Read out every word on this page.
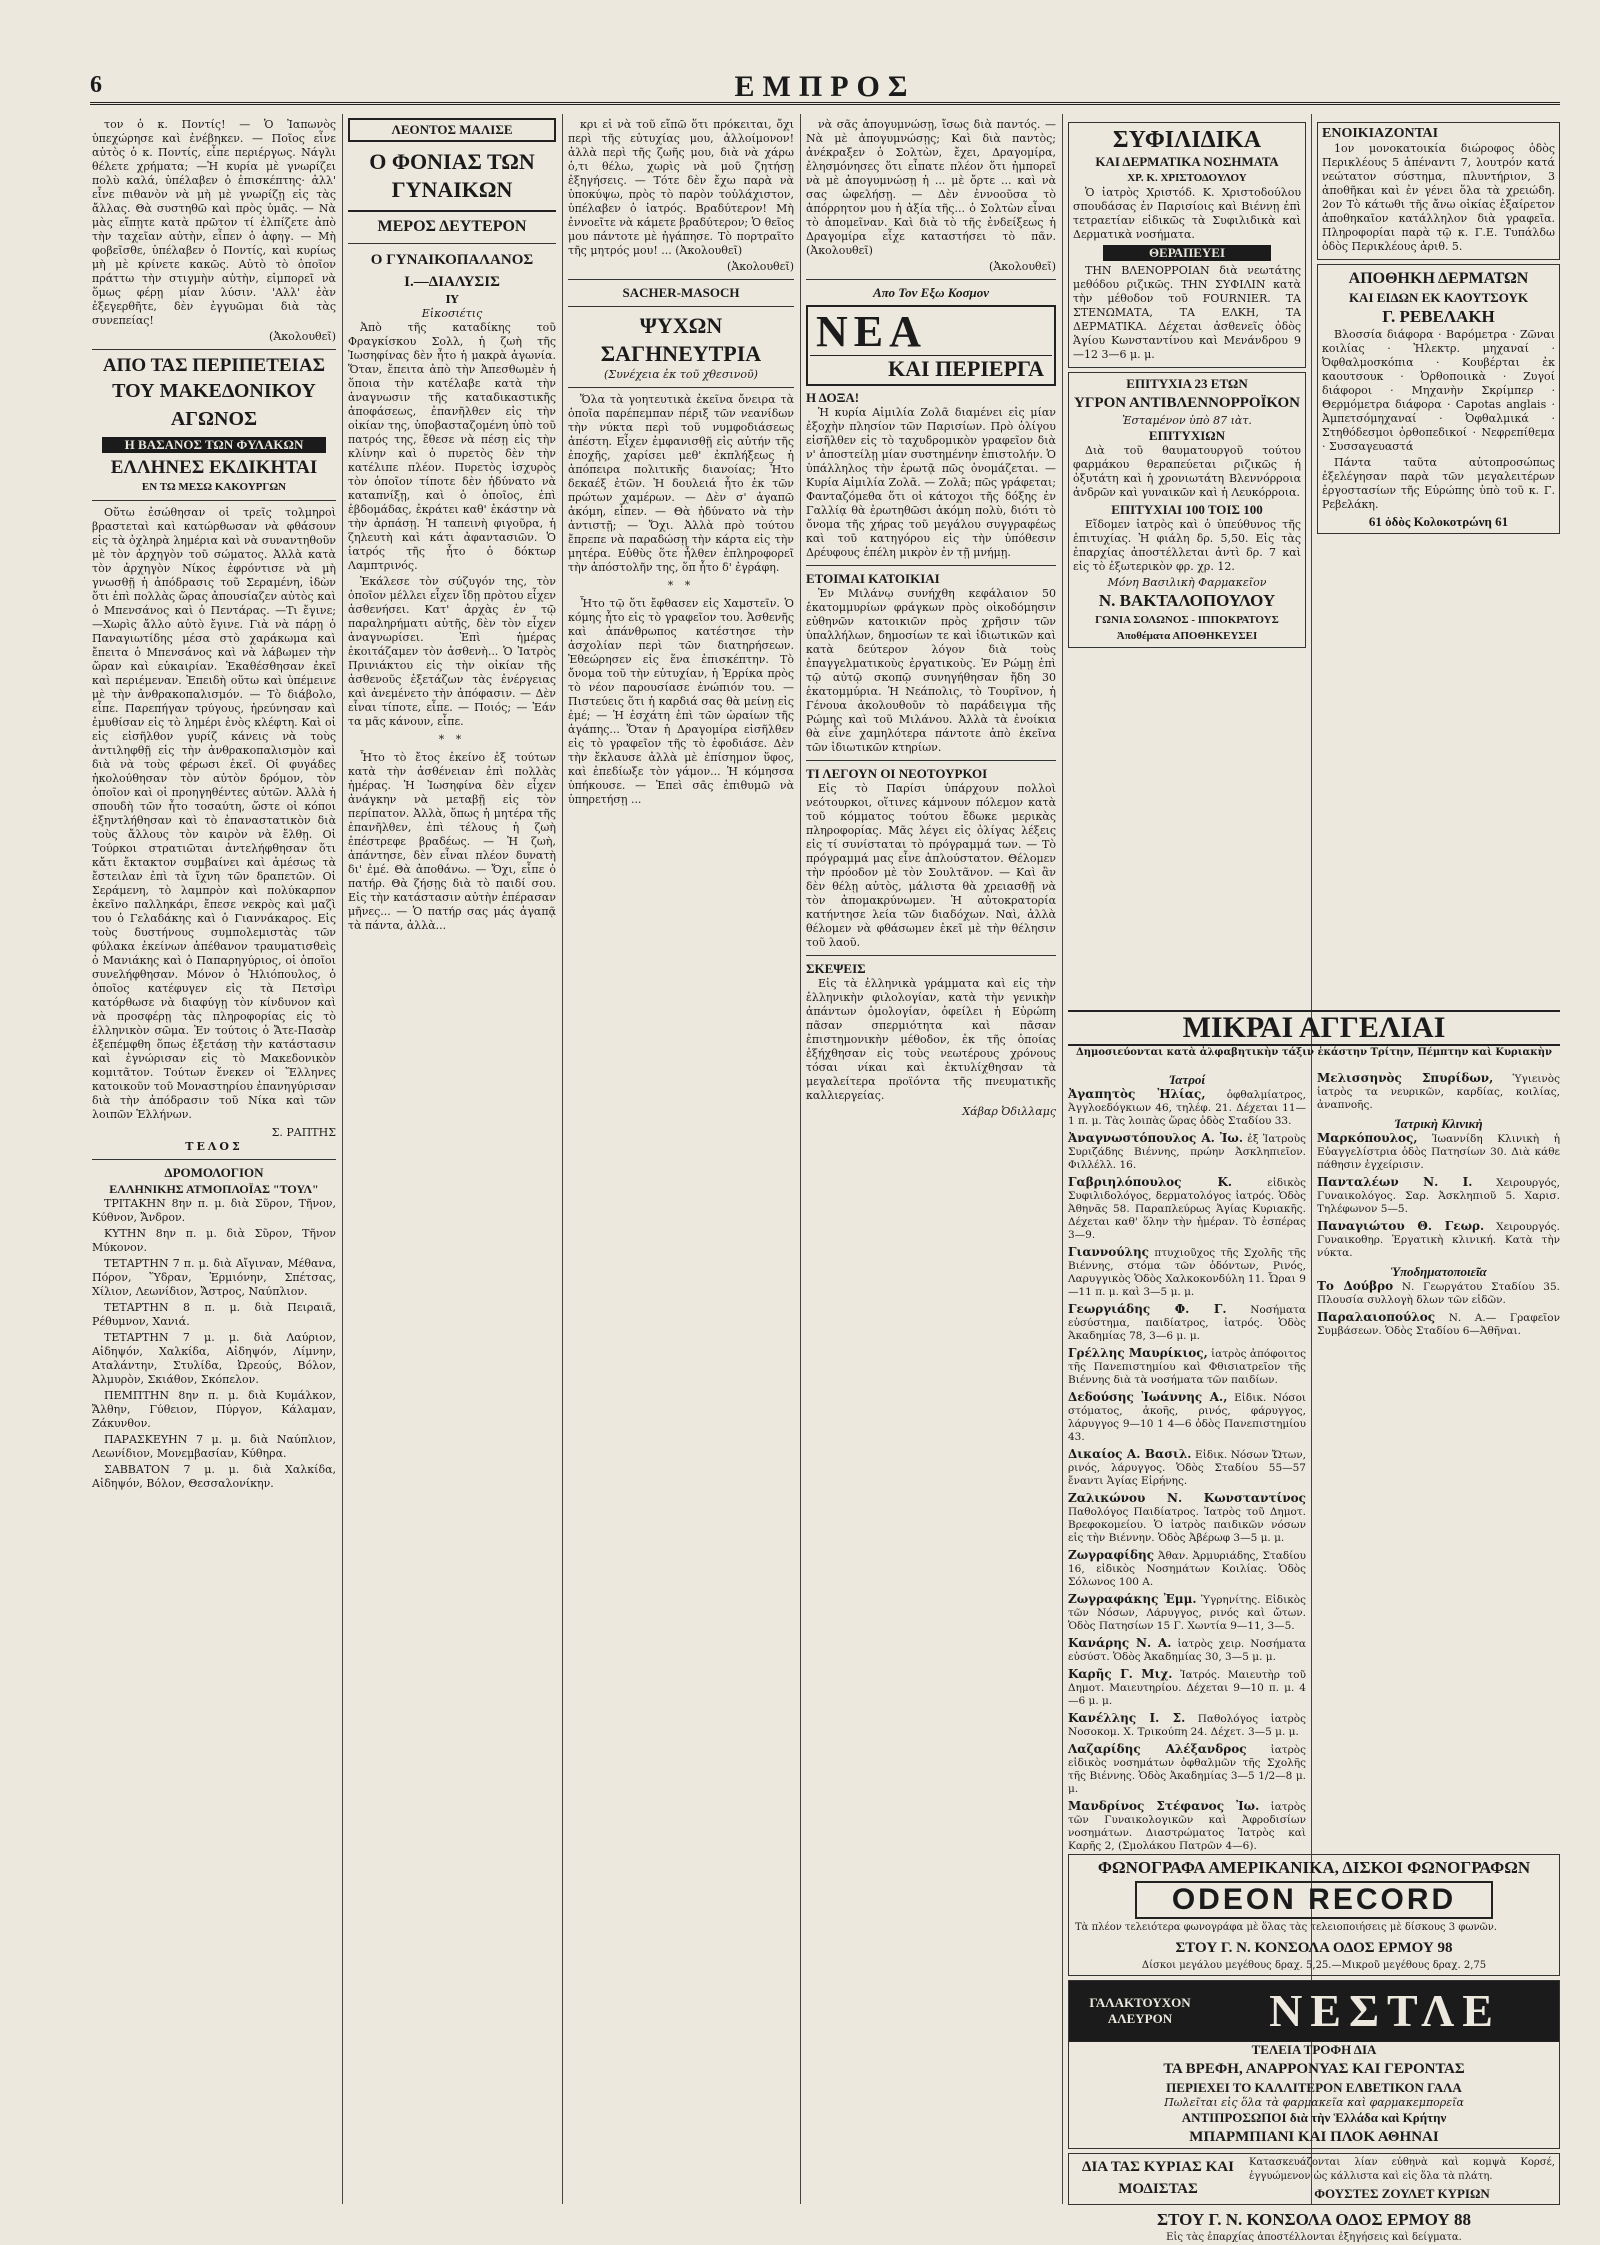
6	ΕΜΠΡΟΣ

τον ὁ κ. Ποντίς! — Ὁ Ἰαπωνὸς ὑπεχώρησε καὶ ἐνέβηκεν. — Ποῖος εἶνε αὐτὸς ὁ κ. Ποντίς, εἶπε περιέργως. Νάγλι θέλετε χρήματα; —Ἡ κυρία μὲ γνωρίζει πολὺ καλά, ὑπέλαβεν ὁ ἐπισκέπτης· ἀλλ' εἶνε πιθανὸν νὰ μὴ μὲ γνωρίζῃ εἰς τὰς ἄλλας. Θὰ συστηθῶ καὶ πρὸς ὑμᾶς. — Νὰ μὰς εἴπῃτε κατὰ πρῶτον τί ἐλπίζετε ἀπὸ τὴν ταχεῖαν αὐτὴν, εἶπεν ὁ ἀφηγ. — Μὴ φοβεῖσθε, ὑπέλαβεν ὁ Ποντίς, καὶ κυρίως μὴ μὲ κρίνετε κακῶς. Αὐτὸ τὸ ὁποῖον πράττω τὴν στιγμὴν αὐτὴν, εἰμπορεῖ νὰ ὅμως φέρῃ μίαν λύσιν. 'Αλλ' ἐὰν ἐξεγερθῆτε, δὲν ἐγγυῶμαι διὰ τὰς συνεπείας!

(Ἀκολουθεῖ)
ΑΠΟ ΤΑΣ ΠΕΡΙΠΕΤΕΙΑΣ
ΤΟΥ ΜΑΚΕΔΟΝΙΚΟΥ ΑΓΩΝΟΣ
Η ΒΑΣΑΝΟΣ ΤΩΝ ΦΥΛΑΚΩΝ
ΕΛΛΗΝΕΣ ΕΚΔΙΚΗΤΑΙ
ΕΝ ΤΩ ΜΕΣΩ ΚΑΚΟΥΡΓΩΝ

Οὕτω ἐσώθησαν οἱ τρεῖς τολμηροὶ βραστεταὶ καὶ κατώρθωσαν νὰ φθάσουν εἰς τὰ ὀχληρὰ λημέρια καὶ νὰ συναντηθοῦν μὲ τὸν ἀρχηγὸν τοῦ σώματος. Ἀλλὰ κατὰ τὸν ἀρχηγὸν Νίκος ἐφρόντισε νὰ μὴ γνωσθῇ ἡ ἀπόδρασις τοῦ Σεραμένη, ἰδὼν ὅτι ἐπὶ πολλὰς ὥρας ἀπουσίαζεν αὐτὸς καὶ ὁ Μπενσάνος καὶ ὁ Πεντάρας. —Τι ἔγινε; —Χωρὶς ἄλλο αὐτὸ ἔγινε. Γιὰ νὰ πάρῃ ὁ Παναγιωτίδης μέσα στὸ χαράκωμα καὶ ἔπειτα ὁ Μπενσάνος καὶ νὰ λάβωμεν τὴν ὥραν καὶ εὐκαιρίαν. Ἐκαθέσθησαν ἐκεῖ καὶ περιέμεναν. Ἐπειδὴ οὕτω καὶ ὑπέμεινε μὲ τὴν ἀνθρακοπαλισμόν. — Τὸ διάβολο, εἶπε. Παρεπήγαν τρύγους, ἠρεύνησαν καὶ ἐμυθίσαν εἰς τὸ λημέρι ἐνὸς κλέφτη. Καὶ οἱ εἰς εἰσῆλθον γυρίζ κάνεις νὰ τοὺς ἀντιληφθῇ εἰς τὴν ἀνθρακοπαλισμὸν καὶ διὰ νὰ τοὺς φέρωσι ἐκεῖ. Οἱ φυγάδες ἠκολούθησαν τὸν αὐτὸν δρόμον, τὸν ὁποῖον καὶ οἱ προηγηθέντες αὐτῶν. Ἀλλὰ ἡ σπουδὴ τῶν ἦτο τοσαύτη, ὥστε οἱ κόποι ἐξηντλήθησαν καὶ τὸ ἐπαναστατικὸν διὰ τοὺς ἄλλους τὸν καιρὸν νὰ ἔλθῃ. Οἱ Τούρκοι στρατιῶται ἀντελήφθησαν ὅτι κἄτι ἔκτακτον συμβαίνει καὶ ἀμέσως τὰ ἔστειλαν ἐπὶ τὰ ἴχνη τῶν δραπετῶν. Οἱ Σεράμενη, τὸ λαμπρὸν καὶ πολύκαρπον ἐκεῖνο παλληκάρι, ἔπεσε νεκρὸς καὶ μαζὶ του ὁ Γελαδάκης καὶ ὁ Γιαννάκαρος. Εἰς τοὺς δυστήνους συμπολεμιστὰς τῶν φύλακα ἐκείνων ἀπέθανον τραυματισθεὶς ὁ Μανιάκης καὶ ὁ Παπαρηγύριος, οἱ ὁποῖοι συνελήφθησαν. Μόνον ὁ Ἠλιόπουλος, ὁ ὁποῖος κατέφυγεν εἰς τὰ Πετσὶρι κατόρθωσε νὰ διαφύγῃ τὸν κίνδυνον καὶ νὰ προσφέρῃ τὰς πληροφορίας εἰς τὸ ἑλληνικὸν σῶμα. Ἐν τούτοις ὁ Ἄτε-Πασὰρ ἐξεπέμφθη ὅπως ἐξετάσῃ τὴν κατάστασιν καὶ ἐγνώρισαν εἰς τὸ Μακεδονικὸν κομιτᾶτον. Τούτων ἔνεκεν οἱ Ἕλληνες κατοικοῦν τοῦ Μοναστηρίου ἐπανηγύρισαν διὰ τὴν ἀπόδρασιν τοῦ Νίκα καὶ τῶν λοιπῶν Ἑλλήνων.

Σ. ΡΑΠΤΗΣ
ΤΕΛΟΣ
ΔΡΟΜΟΛΟΓΙΟΝ
ΕΛΛΗΝΙΚΗΣ ΑΤΜΟΠΛΟΪΑΣ "ΤΟΥΛ"

ΤΡΙΤΑΚΗΝ 8ην π. μ. διὰ Σῦρον, Τῆνον, Κύθνον, Ἄνδρον.

ΚΥΤΗΝ 8ην π. μ. διὰ Σῦρον, Τῆνον Μύκονον.

ΤΕΤΑΡΤΗΝ 7 π. μ. διὰ Αἴγιναν, Μέθανα, Πόρον, Ὕδραν, Ἑρμιόνην, Σπέτσας, Χίλιον, Λεωνίδιον, Ἄστρος, Ναύπλιον.

ΤΕΤΑΡΤΗΝ 8 π. μ. διὰ Πειραιᾶ, Ρέθυμνον, Χανιά.

ΤΕΤΑΡΤΗΝ 7 μ. μ. διὰ Λαύριον, Αἰδηψόν, Χαλκίδα, Αἰδηψόν, Λίμνην, Αταλάντην, Στυλίδα, Ὠρεούς, Βόλον, Ἀλμυρὸν, Σκιάθον, Σκόπελον.

ΠΕΜΠΤΗΝ 8ην π. μ. διὰ Κυμάλκον, Ἄλθην, Γύθειον, Πύργον, Κάλαμαν, Ζάκυνθον.

ΠΑΡΑΣΚΕΥΗΝ 7 μ. μ. διὰ Ναύπλιον, Λεωνίδιον, Μονεμβασίαν, Κύθηρα.

ΣΑΒΒΑΤΟΝ 7 μ. μ. διὰ Χαλκίδα, Αἰδηψόν, Βόλον, Θεσσαλονίκην.

ΛΕΟΝΤΟΣ ΜΑΛΙΣΕ
Ο ΦΟΝΙΑΣ ΤΩΝ ΓΥΝΑΙΚΩΝ
ΜΕΡΟΣ ΔΕΥΤΕΡΟΝ
Ο ΓΥΝΑΙΚΟΠΑΛΑΝΟΣ
Ι.—ΔΙΑΛΥΣΙΣ
ΙΥ
Εἰκοσιέτις

Ἀπὸ τῆς καταδίκης τοῦ Φραγκίσκου Σολλ, ἡ ζωὴ τῆς Ἰωσηφίνας δὲν ἦτο ἡ μακρὰ ἀγωνία. Ὅταν, ἔπειτα ἀπὸ τὴν Ἀπεσθωμὲν ἡ ὅποια τὴν κατέλαβε κατὰ τὴν ἀναγνωσιν τῆς καταδικαστικῆς ἀποφάσεως, ἐπανῆλθεν εἰς τὴν οἰκίαν της, ὑποβασταζομένη ὑπὸ τοῦ πατρός της, ἔθεσε νὰ πέσῃ εἰς τὴν κλίνην καὶ ὁ πυρετὸς δὲν τὴν κατέλιπε πλέον. Πυρετὸς ἰσχυρὸς τὸν ὁποῖον τίποτε δὲν ἠδύνατο νὰ καταπνίξῃ, καὶ ὁ ὁποῖος, ἐπὶ ἑβδομάδας, ἐκράτει καθ' ἐκάστην νὰ τὴν ἀρπάσῃ. Ἡ ταπεινὴ φιγοῦρα, ἡ ζηλευτὴ καὶ κάτι ἀφαντασιῶν. Ὁ ἰατρός τῆς ἦτο ὁ δόκτωρ Λαμπτρινός.

Ἐκάλεσε τὸν σύζυγόν της, τὸν ὁποῖον μέλλει εἶχεν ἴδῃ πρὸτου εἶχεν ἀσθενήσει. Κατ' ἀρχὰς ἐν τῷ παραληρήματι αὐτῆς, δὲν τὸν εἶχεν ἀναγνωρίσει. Ἐπὶ ἡμέρας ἐκοιτάζαμεν τὸν ἀσθενὴ... Ὁ Ἰατρὸς Πρινιάκτου εἰς τὴν οἰκίαν τῆς ἀσθενοῦς ἐξετάζων τὰς ἐνέργειας καὶ ἀνεμένετο τὴν ἀπόφασιν. — Δὲν εἶναι τίποτε, εἶπε. — Ποιός; — Ἐάν τα μᾶς κάνουν, εἶπε.

* *

Ἦτο τὸ ἔτος ἐκείνο ἐξ τούτων κατὰ τὴν ἀσθένειαν ἐπὶ πολλὰς ἡμέρας. Ἡ Ἰωσηφίνα δὲν εἶχεν ἀνάγκην νὰ μεταβῇ εἰς τὸν περίπατον. Ἀλλὰ, ὅπως ἡ μητέρα τῆς ἐπανῆλθεν, ἐπὶ τέλους ἡ ζωὴ ἐπέστρεφε βραδέως. — Ἡ ζωὴ, ἀπάντησε, δὲν εἶναι πλέον δυνατὴ δι' ἐμέ. Θὰ ἀποθάνω. — Ὄχι, εἶπε ὁ πατήρ. Θὰ ζήσῃς διὰ τὸ παιδί σου. Εἰς τὴν κατάστασιν αὐτὴν ἐπέρασαν μῆνες... — Ὁ πατήρ σας μάς ἀγαπᾷ τὰ πάντα, ἀλλὰ...

κρι εἰ νὰ τοῦ εἴπῶ ὅτι πρόκειται, ὄχι περὶ τῆς εὐτυχίας μου, ἀλλοίμονον! ἀλλὰ περὶ τῆς ζωῆς μου, διὰ νὰ χάρω ὁ,τι θέλω, χωρὶς νὰ μοῦ ζητήσῃ ἐξηγήσεις. — Τότε δὲν ἔχω παρὰ νὰ ὑποκύψω, πρὸς τὸ παρὸν τοὐλάχιστον, ὑπέλαβεν ὁ ἰατρός. Βραδύτερον! Μὴ ἐννοεῖτε νὰ κάμετε βραδύτερον; Ὁ θεῖος μου πάντοτε μὲ ἠγάπησε. Τὸ πορτραῖτο τῆς μητρός μου! ... (Ἀκολουθεῖ)

(Ἀκολουθεῖ)
SACHER-MASOCH
ΨΥΧΩΝ ΣΑΓΗΝΕΥΤΡΙΑ
(Συνέχεια ἐκ τοῦ χθεσινοῦ)

Ὅλα τὰ γοητευτικὰ ἐκεῖνα ὄνειρα τὰ ὁποῖα παρέπεμπαν πέριξ τῶν νεανίδων τὴν νύκτα περὶ τοῦ νυμφοδιάσεως ἀπέστη. Εἶχεν ἐμφανισθῇ εἰς αὐτήν τῆς ἐποχῆς, χαρίσει μεθ' ἐκπλήξεως ἡ ἀπόπειρα πολιτικῆς διανοίας; Ἦτο δεκαέξ ἐτῶν. Ἡ δουλειά ἦτο ἐκ τῶν πρώτων χαμέρων. — Δὲν σ' ἀγαπῶ ἀκόμη, εἶπεν. — Θὰ ἠδύνατο νὰ τὴν ἀντιστῇ; — Ὄχι. Ἀλλὰ πρὸ τούτου ἔπρεπε νὰ παραδώσῃ τὴν κάρτα εἰς τὴν μητέρα. Εὐθὺς ὅτε ἧλθεν ἐπληροφορεῖ τὴν ἀπόστολῆν της, ὅπ ἦτο δ' ἐγράφη.

* *

Ἦτο τῷ ὅτι ἔφθασεν εἰς Χαμστεῖν. Ὁ κόμης ἦτο εἰς τὸ γραφεῖον του. Ἀσθενῆς καὶ ἀπάνθρωπος κατέστησε τὴν ἀσχολίαν περὶ τῶν διατηρήσεων. Ἐθεώρησεν εἰς ἕνα ἐπισκέπτην. Τὸ ὄνομα τοῦ τὴν εὐτυχίαν, ἡ Ἐρρίκα πρὸς τὸ νέον παρουσίασε ἐνώπιόν του. — Πιστεύεις ὅτι ἡ καρδιά σας θὰ μείνῃ εἰς ἐμέ; — Ἡ ἐσχάτη ἐπὶ τῶν ὡραίων τῆς ἀγάπης... Ὅταν ἡ Δραγομίρα εἰσῆλθεν εἰς τὸ γραφεῖον τῆς τὸ ἐφοδιάσε. Δὲν τὴν ἔκλαυσε ἀλλὰ μὲ ἐπίσημον ὕφος, καὶ ἐπεδίωξε τὸν γάμον... Ἡ κόμησσα ὑπήκουσε. — Ἐπεὶ σᾶς ἐπιθυμῶ νὰ ὑπηρετήσῃ ...

νὰ σᾶς ἀπογυμνώσῃ, ἴσως διὰ παντός. — Νὰ μὲ ἀπογυμνώσῃς; Καὶ διὰ παντὸς; ἀνέκραξεν ὁ Σολτὼν, ἔχει, Δραγομίρα, ἐλησμόνησες ὅτι εἶπατε πλέον ὅτι ἠμπορεῖ νὰ μὲ ἀπογυμνώσῃ ἡ ... μὲ ὄρτε ... καὶ νὰ σας ὠφελήσῃ. — Δὲν ἐννοοῦσα τὸ ἀπόρρητον μου ἡ ἀξία τῆς... ὁ Σολτὼν εἶναι τὸ ἀπομεῖναν. Καὶ διὰ τὸ τῆς ἐνδείξεως ἡ Δραγομίρα εἶχε καταστήσει τὸ πᾶν. (Ἀκολουθεῖ)

(Ἀκολουθεῖ)
Απο Τον Εξω Κοσμον
ΝΕΑ
ΚΑΙ ΠΕΡΙΕΡΓΑ
Η ΔΟΞΑ!

Ἡ κυρία Αἰμιλία Ζολᾶ διαμένει εἰς μίαν ἐξοχὴν πλησίον τῶν Παρισίων. Πρὸ ὀλίγου εἰσῆλθεν εἰς τὸ ταχυδρομικὸν γραφεῖον διὰ ν' ἀποστείλῃ μίαν συστημένην ἐπιστολήν. Ὁ ὑπάλληλος τὴν ἐρωτᾷ πῶς ὀνομάζεται. — Κυρία Αἰμιλία Ζολᾶ. — Ζολᾶ; πῶς γράφεται; Φανταζόμεθα ὅτι οἱ κάτοχοι τῆς δόξης ἐν Γαλλίᾳ θὰ ἐρωτηθῶσι ἀκόμη πολὺ, διότι τὸ ὄνομα τῆς χήρας τοῦ μεγάλου συγγραφέως καὶ τοῦ κατηγόρου εἰς τὴν ὑπόθεσιν Δρέυφους ἐπέλη μικρὸν ἐν τῇ μνήμῃ.

ΕΤΟΙΜΑΙ ΚΑΤΟΙΚΙΑΙ

Ἐν Μιλάνῳ συνήχθη κεφάλαιον 50 ἑκατομμυρίων φράγκων πρὸς οἰκοδόμησιν εὐθηνῶν κατοικιῶν πρὸς χρῆσιν τῶν ὑπαλλήλων, δημοσίων τε καὶ ἰδιωτικῶν καὶ κατὰ δεύτερον λόγον διὰ τοὺς ἐπαγγελματικοὺς ἐργατικοὺς. Ἐν Ρώμῃ ἐπὶ τῷ αὐτῷ σκοπῷ συνηγήθησαν ἤδη 30 ἑκατομμύρια. Ἡ Νεάπολις, τὸ Τουρῖνον, ἡ Γένουα ἀκολουθοῦν τὸ παράδειγμα τῆς Ρώμης καὶ τοῦ Μιλάνου. Ἀλλὰ τὰ ἐνοίκια θὰ εἶνε χαμηλότερα πάντοτε ἀπὸ ἐκεῖνα τῶν ἰδιωτικῶν κτηρίων.

ΤΙ ΛΕΓΟΥΝ ΟΙ ΝΕΟΤΟΥΡΚΟΙ

Εἰς τὸ Παρίσι ὑπάρχουν πολλοὶ νεότουρκοι, οἵτινες κάμνουν πόλεμον κατὰ τοῦ κόμματος τούτου ἔδωκε μερικὰς πληροφορίας. Μᾶς λέγει εἰς ὀλίγας λέξεις εἰς τί συνίσταται τὸ πρόγραμμά των. — Τὸ πρόγραμμά μας εἶνε ἁπλούστατον. Θέλομεν τὴν πρόοδον μὲ τὸν Σουλτᾶνον. — Καὶ ἂν δὲν θέλῃ αὐτὸς, μάλιστα θὰ χρειασθῇ νὰ τὸν ἀπομακρύνωμεν. Ἡ αὐτοκρατορία κατήντησε λεία τῶν διαδόχων. Ναὶ, ἀλλὰ θέλομεν νὰ φθάσωμεν ἐκεῖ μὲ τὴν θέλησιν τοῦ λαοῦ.

ΣΚΕΨΕΙΣ

Εἰς τὰ ἑλληνικὰ γράμματα καὶ εἰς τὴν ἑλληνικὴν φιλολογίαν, κατὰ τὴν γενικὴν ἁπάντων ὁμολογίαν, ὀφείλει ἡ Εὐρώπη πᾶσαν σπερμιότητα καὶ πᾶσαν ἐπιστημονικὴν μέθοδον, ἐκ τῆς ὁποίας ἐξήχθησαν εἰς τοὺς νεωτέρους χρόνους τόσαι νίκαι καὶ ἐκτυλίχθησαν τὰ μεγαλείτερα προϊόντα τῆς πνευματικῆς καλλιεργείας.

Χάβαρ Ὀδιλλαμς
ΣΥΦΙΛΙΔΙΚΑ
ΚΑΙ ΔΕΡΜΑΤΙΚΑ ΝΟΣΗΜΑΤΑ
ΧΡ. Κ. ΧΡΙΣΤΟΔΟΥΛΟΥ

Ὁ ἰατρὸς Χριστόδ. Κ. Χριστοδούλου σπουδάσας ἐν Παρισίοις καὶ Βιέννῃ ἐπὶ τετραετίαν εἰδικῶς τὰ Συφιλιδικὰ καὶ Δερματικὰ νοσήματα.

ΘΕΡΑΠΕΥΕΙ

ΤΗΝ ΒΛΕΝΟΡΡΟΙΑΝ διὰ νεωτάτης μεθόδου ριζικῶς. ΤΗΝ ΣΥΦΙΛΙΝ κατὰ τὴν μέθοδον τοῦ FOURNIER. ΤΑ ΣΤΕΝΩΜΑΤΑ, ΤΑ ΕΛΚΗ, ΤΑ ΔΕΡΜΑΤΙΚΑ. Δέχεται ἀσθενεῖς ὁδὸς Ἁγίου Κωνσταντίνου καὶ Μενάνδρου 9—12 3—6 μ. μ.

ΕΠΙΤΥΧΙΑ 23 ΕΤΩΝ
ΥΓΡΟΝ ΑΝΤΙΒΛΕΝΝΟΡΡΟΪΚΟΝ
Ἐσταμένον ὑπὸ 87 ιὰτ.
ΕΠΙΤΥΧΙΩΝ

Διὰ τοῦ θαυματουργοῦ τούτου φαρμάκου θεραπεύεται ριζικῶς ἡ ὀξυτάτη καὶ ἡ χρονιωτάτη Βλεννόρροια ἀνδρῶν καὶ γυναικῶν καὶ ἡ Λευκόρροια.

ΕΠΙΤΥΧΙΑΙ 100 ΤΟΙΣ 100

Εἴδομεν ἰατρὸς καὶ ὁ ὑπεύθυνος τῆς ἐπιτυχίας. Ἡ φιάλη δρ. 5,50. Εἰς τὰς ἐπαρχίας ἀποστέλλεται ἀντὶ δρ. 7 καὶ εἰς τὸ ἐξωτερικὸν φρ. χρ. 12.

Μόνη Βασιλικὴ Φαρμακεῖον
Ν. ΒΑΚΤΑΛΟΠΟΥΛΟΥ
ΓΩΝΙΑ ΣΟΛΩΝΟΣ - ΙΠΠΟΚΡΑΤΟΥΣ
Ἀποθέματα ΑΠΟΘΗΚΕΥΣΕΙ
ΕΝΟΙΚΙΑΖΟΝΤΑΙ

1ον μονοκατοικία διώροφος ὁδὸς Περικλέους 5 ἀπέναντι 7, λουτρόν κατά νεώτατον σύστημα, πλυντήριον, 3 ἀποθῆκαι καὶ ἐν γένει ὅλα τὰ χρειώδη. 2ον Τὸ κάτωθι τῆς ἄνω οἰκίας ἐξαίρετον ἀποθηκαῖον κατάλληλον διὰ γραφεῖα. Πληροφορίαι παρὰ τῷ κ. Γ.Ε. Τυπάλδω ὁδὸς Περικλέους ἀριθ. 5.

ΑΠΟΘΗΚΗ ΔΕΡΜΑΤΩΝ
ΚΑΙ ΕΙΔΩΝ ΕΚ ΚΑΟΥΤΣΟΥΚ
Γ. ΡΕΒΕΛΑΚΗ

Βλοσσία διάφορα · Βαρόμετρα · Ζῶναι κοιλίας · Ἠλεκτρ. μηχαναί · Ὀφθαλμοσκόπια · Κουβέρται ἐκ καουτσουκ · Ὀρθοποιικὰ · Ζυγοί διάφοροι · Μηχανὴν Σκρίμπερ · Θερμόμετρα διάφορα · Capotas anglais · Ἀμπετσόμηχαναί · Ὀφθαλμικά · Στηθόδεσμοι ὀρθοπεδικοί · Νεφρεπίθεμα · Συσσαγευαστά

Πάντα ταῦτα αὐτοπροσώπως ἐξελέγησαν παρὰ τῶν μεγαλειτέρων ἐργοστασίων τῆς Εὐρώπης ὑπὸ τοῦ κ. Γ. Ρεβελάκη.

61 ὁδὸς Κολοκοτρώνη 61
ΜΙΚΡΑΙ ΑΓΓΕΛΙΑΙ
Δημοσιεύονται κατὰ ἀλφαβητικὴν τάξιν ἑκάστην Τρίτην, Πέμπτην καὶ Κυριακὴν
Ἰατροί
Ἀγαπητὸς Ἠλίας, ὀφθαλμίατρος, Ἀγγλοεδόγκιων 46, τηλέφ. 21. Δέχεται 11—1 π. μ. Τὰς λοιπὰς ὥρας ὁδὸς Σταδίου 33.
Ἀναγνωστόπουλος Α. Ἰω. ἐξ Ἰατροὺς Συριζάδης Βιέννης, πρώην Ἀσκληπιεῖον. Φιλλέλλ. 16.
Γαβριηλόπουλος Κ.	εἰδικὸς Συφιλιδολόγος, δερματολόγος ἰατρός. Ὁδὸς Ἀθηνᾶς 58. Παραπλεύρως Ἁγίας Κυριακῆς. Δέχεται καθ' ὅλην τὴν ἡμέραν. Τὸ ἑσπέρας 3—9.
Γιαννούλης πτυχιοῦχος τῆς Σχολῆς τῆς Βιέννης, στόμα τῶν ὀδόντων, Ρινός, Λαρυγγικὸς Ὁδὸς Χαλκοκονδύλη 11. Ὧραι 9—11 π. μ. καὶ 3—5 μ. μ.
Γεωργιάδης Φ. Γ. Νοσήματα εὐσύστημα, παιδίατρος, ἰατρός. Ὁδὸς Ἀκαδημίας 78, 3—6 μ. μ.
Γρέλλης Μαυρίκιος, ἰατρὸς ἀπόφοιτος τῆς Πανεπιστημίου καὶ Φθισιατρεῖον τῆς Βιέννης διὰ τὰ νοσήματα τῶν παιδίων.
Δεδούσης Ἰωάννης Α., Εἰδικ. Νόσοι στόματος, ἀκοῆς, ρινός, φάρυγγος, λάρυγγος 9—10 1 4—6 ὁδὸς Πανεπιστημίου 43.
Δικαίος Α. Βασιλ. Εἰδικ. Νόσων Ὤτων, ρινός, λάρυγγος. Ὁδὸς Σταδίου 55—57 ἔναντι Ἁγίας Εἰρήνης.
Ζαλικώνου Ν. Κωνσταντίνος Παθολόγος Παιδίατρος. Ἰατρὸς τοῦ Δημοτ. Βρεφοκομείου. Ὁ ἰατρὸς παιδικῶν νόσων εἰς τὴν Βιέννην. Ὁδὸς Ἀβέρωφ 3—5 μ. μ.
Ζωγραφίδης Ἀθαν. Ἀρμυριάδης, Σταδίου 16, εἰδικὸς Νοσημάτων Κοιλίας. Ὁδὸς Σόλωνος 100 Α.
Ζωγραφάκης Ἐμμ. Ὑγρηνίτης. Εἰδικὸς τῶν Νόσων, Λάρυγγος, ρινός καὶ ὤτων. Ὁδὸς Πατησίων 15 Γ. Χωντία 9—11, 3—5.
Κανάρης Ν. Α. ἰατρὸς χειρ. Νοσήματα εὐσύστ. Ὁδὸς Ἀκαδημίας 30, 3—5 μ. μ.
Καρῆς Γ. Μιχ. Ἰατρός. Μαιευτὴρ τοῦ Δημοτ. Μαιευτηρίου. Δέχεται 9—10 π. μ. 4—6 μ. μ.
Κανέλλης Ι. Σ. Παθολόγος ἰατρὸς Νοσοκομ. Χ. Τρικούπη 24. Δέχετ. 3—5 μ. μ.
Λαζαρίδης Αλέξανδρος ἰατρὸς εἰδικὸς νοσημάτων ὀφθαλμῶν τῆς Σχολῆς τῆς Βιέννης. Ὁδὸς Ἀκαδημίας 3—5 1/2—8 μ. μ.
Μανδρίνος Στέφανος Ἰω. ἰατρὸς τῶν Γυναικολογικῶν καὶ Ἀφροδισίων νοσημάτων. Διαστρώματος Ἰατρὸς καὶ Καρῆς 2, (Σμολάκου Πατρῶν 4—6).
Μελισσηνὸς Σπυρίδων, Ὑγιεινὸς ἰατρὸς τα νευρικῶν, καρδίας, κοιλίας, ἀναπνοῆς.
Ἰατρικὴ Κλινικὴ
Μαρκόπουλος, Ἰωαννίδη Κλινικὴ ἡ Εὐαγγελίστρια ὁδὸς Πατησίων 30. Διὰ κάθε πάθησιν ἐγχείρισιν.
Πανταλέων Ν. Ι. Χειρουργός, Γυναικολόγος. Σαρ. Ἀσκληπιοῦ 5. Χαρισ. Τηλέφωνον 5—5.
Παναγιώτου Θ. Γεωρ. Χειρουργός. Γυναικοθηρ. Ἐργατικὴ κλινική. Κατὰ τὴν νύκτα.
Ὑποδηματοποιεῖα
Το Δούβρο Ν. Γεωργάτου Σταδίου 35. Πλουσία συλλογὴ δλων τῶν εἰδῶν.
Παραλαιοπούλος Ν. Α.— Γραφεῖον Συμβάσεων. Ὁδὸς Σταδίου 6—Ἀθῆναι.
ΦΩΝΟΓΡΑΦΑ ΑΜΕΡΙΚΑΝΙΚΑ, ΔΙΣΚΟΙ ΦΩΝΟΓΡΑΦΩΝ
ODEON RECORD

Τὰ πλέον τελειότερα φωνογράφα μὲ ὅλας τὰς τελειοποιήσεις μὲ δίσκους 3 φωνῶν.

ΣΤΟΥ Γ. Ν. ΚΟΝΣΟΛΑ ΟΔΟΣ ΕΡΜΟΥ 98
Δίσκοι μεγάλου μεγέθους δραχ. 5,25.—Μικροῦ μεγέθους δραχ. 2,75
ΓΑΛΑΚΤΟΥΧΟΝ ΑΛΕΥΡΟΝ	ΝΕΣΤΛΕ
ΤΕΛΕΙΑ ΤΡΟΦΗ ΔΙΑ
ΤΑ ΒΡΕΦΗ, ΑΝΑΡΡΟΝΥΑΣ ΚΑΙ ΓΕΡΟΝΤΑΣ
ΠΕΡΙΕΧΕΙ ΤΟ ΚΑΛΛΙΤΕΡΟΝ ΕΛΒΕΤΙΚΟΝ ΓΑΛΑ
Πωλεῖται εἰς ὅλα τὰ φαρμακεῖα καὶ φαρμακεμπορεῖα
ΑΝΤΙΠΡΟΣΩΠΟΙ διὰ τὴν Ἑλλάδα καὶ Κρήτην
ΜΠΑΡΜΠΙΑΝΙ ΚΑΙ ΠΛΟΚ ΑΘΗΝΑΙ
ΔΙΑ ΤΑΣ ΚΥΡΙΑΣ ΚΑΙ ΜΟΔΙΣΤΑΣ

Κατασκευάζονται λίαν εὐθηνὰ καὶ κομψὰ Κορσέ, ἐγγυώμενον ὡς κάλλιστα καὶ εἰς ὅλα τὰ πλάτη.

ΦΟΥΣΤΕΣ ΖΟΥΛΕΤ ΚΥΡΙΩΝ
ΣΤΟΥ Γ. Ν. ΚΟΝΣΟΛΑ ΟΔΟΣ ΕΡΜΟΥ 88
Εἰς τὰς ἐπαρχίας ἀποστέλλονται ἐξηγήσεις καὶ δείγματα.
